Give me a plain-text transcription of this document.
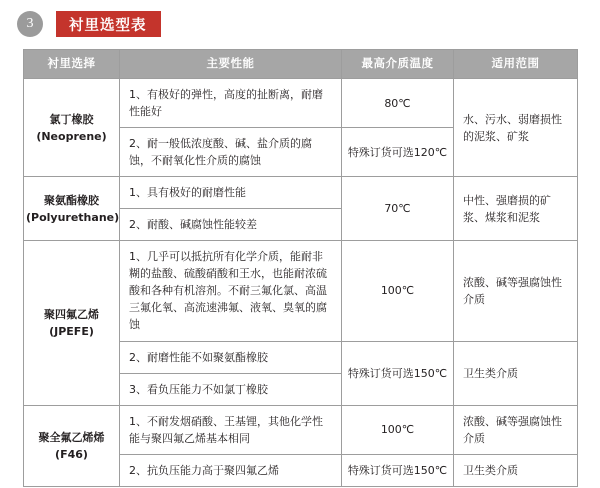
3	衬里选型表
衬里选择	主要性能	最高介质温度	适用范围
氯丁橡胶
(Neoprene)	1、有极好的弹性，高度的扯断离，耐磨性能好	80℃	水、污水、弱磨损性的泥浆、矿浆
	2、耐一般低浓度酸、碱、盐介质的腐蚀，不耐氧化性介质的腐蚀	特殊订货可选120℃	
聚氨酯橡胶
(Polyurethane)	1、具有极好的耐磨性能	70℃	中性、强磨损的矿浆、煤浆和泥浆
	2、耐酸、碱腐蚀性能较差		
聚四氟乙烯
(JPEFE)	1、几乎可以抵抗所有化学介质，能耐非糊的盐酸、硫酸硝酸和王水，也能耐浓硫酸和各种有机溶剂。不耐三氟化氯、高温三氟化氧、高流速沸氟、液氧、臭氧的腐蚀	100℃	浓酸、碱等强腐蚀性介质
	2、耐磨性能不如聚氨酯橡胶	特殊订货可选150℃	卫生类介质
	3、看负压能力不如氯丁橡胶		
聚全氟乙烯烯
(F46)	1、不耐发烟硝酸、王基锂，其他化学性能与聚四氟乙烯基本相同	100℃	浓酸、碱等强腐蚀性介质
	2、抗负压能力高于聚四氟乙烯	特殊订货可选150℃	卫生类介质
